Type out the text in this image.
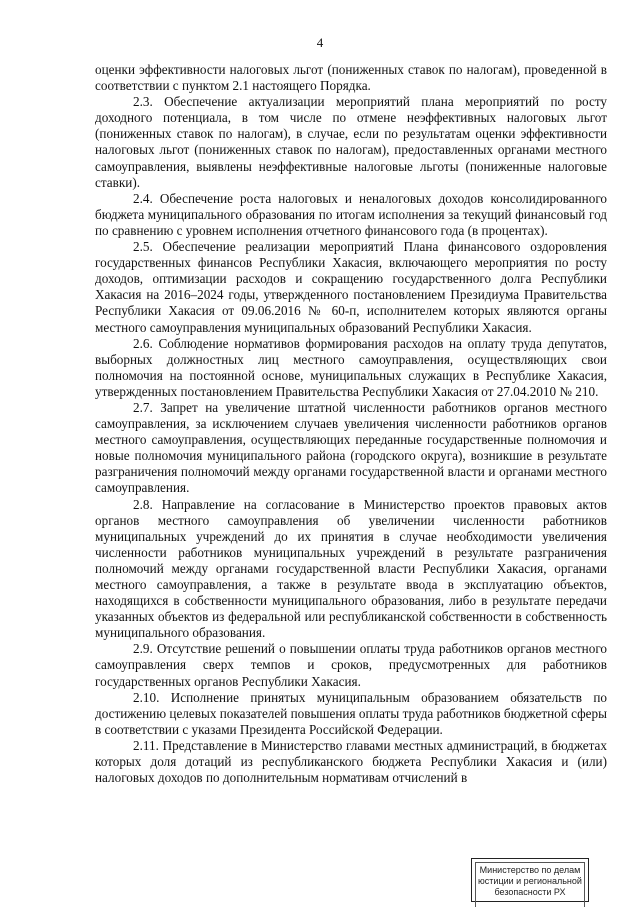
4

оценки эффективности налоговых льгот (пониженных ставок по налогам), проведенной в соответствии с пунктом 2.1 настоящего Порядка.

2.3. Обеспечение актуализации мероприятий плана мероприятий по росту доходного потенциала, в том числе по отмене неэффективных налоговых льгот (пониженных ставок по налогам), в случае, если по результатам оценки эффективности налоговых льгот (пониженных ставок по налогам), предоставленных органами местного самоуправления, выявлены неэффективные налоговые льготы (пониженные налоговые ставки).

2.4. Обеспечение роста налоговых и неналоговых доходов консолидированного бюджета муниципального образования по итогам исполнения за текущий финансовый год по сравнению с уровнем исполнения отчетного финансового года (в процентах).

2.5. Обеспечение реализации мероприятий Плана финансового оздоровления государственных финансов Республики Хакасия, включающего мероприятия по росту доходов, оптимизации расходов и сокращению государственного долга Республики Хакасия на 2016–2024 годы, утвержденного постановлением Президиума Правительства Республики Хакасия от 09.06.2016 № 60-п, исполнителем которых являются органы местного самоуправления муниципальных образований Республики Хакасия.

2.6. Соблюдение нормативов формирования расходов на оплату труда депутатов, выборных должностных лиц местного самоуправления, осуществляющих свои полномочия на постоянной основе, муниципальных служащих в Республике Хакасия, утвержденных постановлением Правительства Республики Хакасия от 27.04.2010 № 210.

2.7. Запрет на увеличение штатной численности работников органов местного самоуправления, за исключением случаев увеличения численности работников органов местного самоуправления, осуществляющих переданные государственные полномочия и новые полномочия муниципального района (городского округа), возникшие в результате разграничения полномочий между органами государственной власти и органами местного самоуправления.

2.8. Направление на согласование в Министерство проектов правовых актов органов местного самоуправления об увеличении численности работников муниципальных учреждений до их принятия в случае необходимости увеличения численности работников муниципальных учреждений в результате разграничения полномочий между органами государственной власти Республики Хакасия, органами местного самоуправления, а также в результате ввода в эксплуатацию объектов, находящихся в собственности муниципального образования, либо в результате передачи указанных объектов из федеральной или республиканской собственности в собственность муниципального образования.

2.9. Отсутствие решений о повышении оплаты труда работников органов местного самоуправления сверх темпов и сроков, предусмотренных для работников государственных органов Республики Хакасия.

2.10. Исполнение принятых муниципальным образованием обязательств по достижению целевых показателей повышения оплаты труда работников бюджетной сферы в соответствии с указами Президента Российской Федерации.

2.11. Представление в Министерство главами местных администраций, в бюджетах которых доля дотаций из республиканского бюджета Республики Хакасия и (или) налоговых доходов по дополнительным нормативам отчислений в

Министерство по делам
юстиции и региональной
безопасности РХ
